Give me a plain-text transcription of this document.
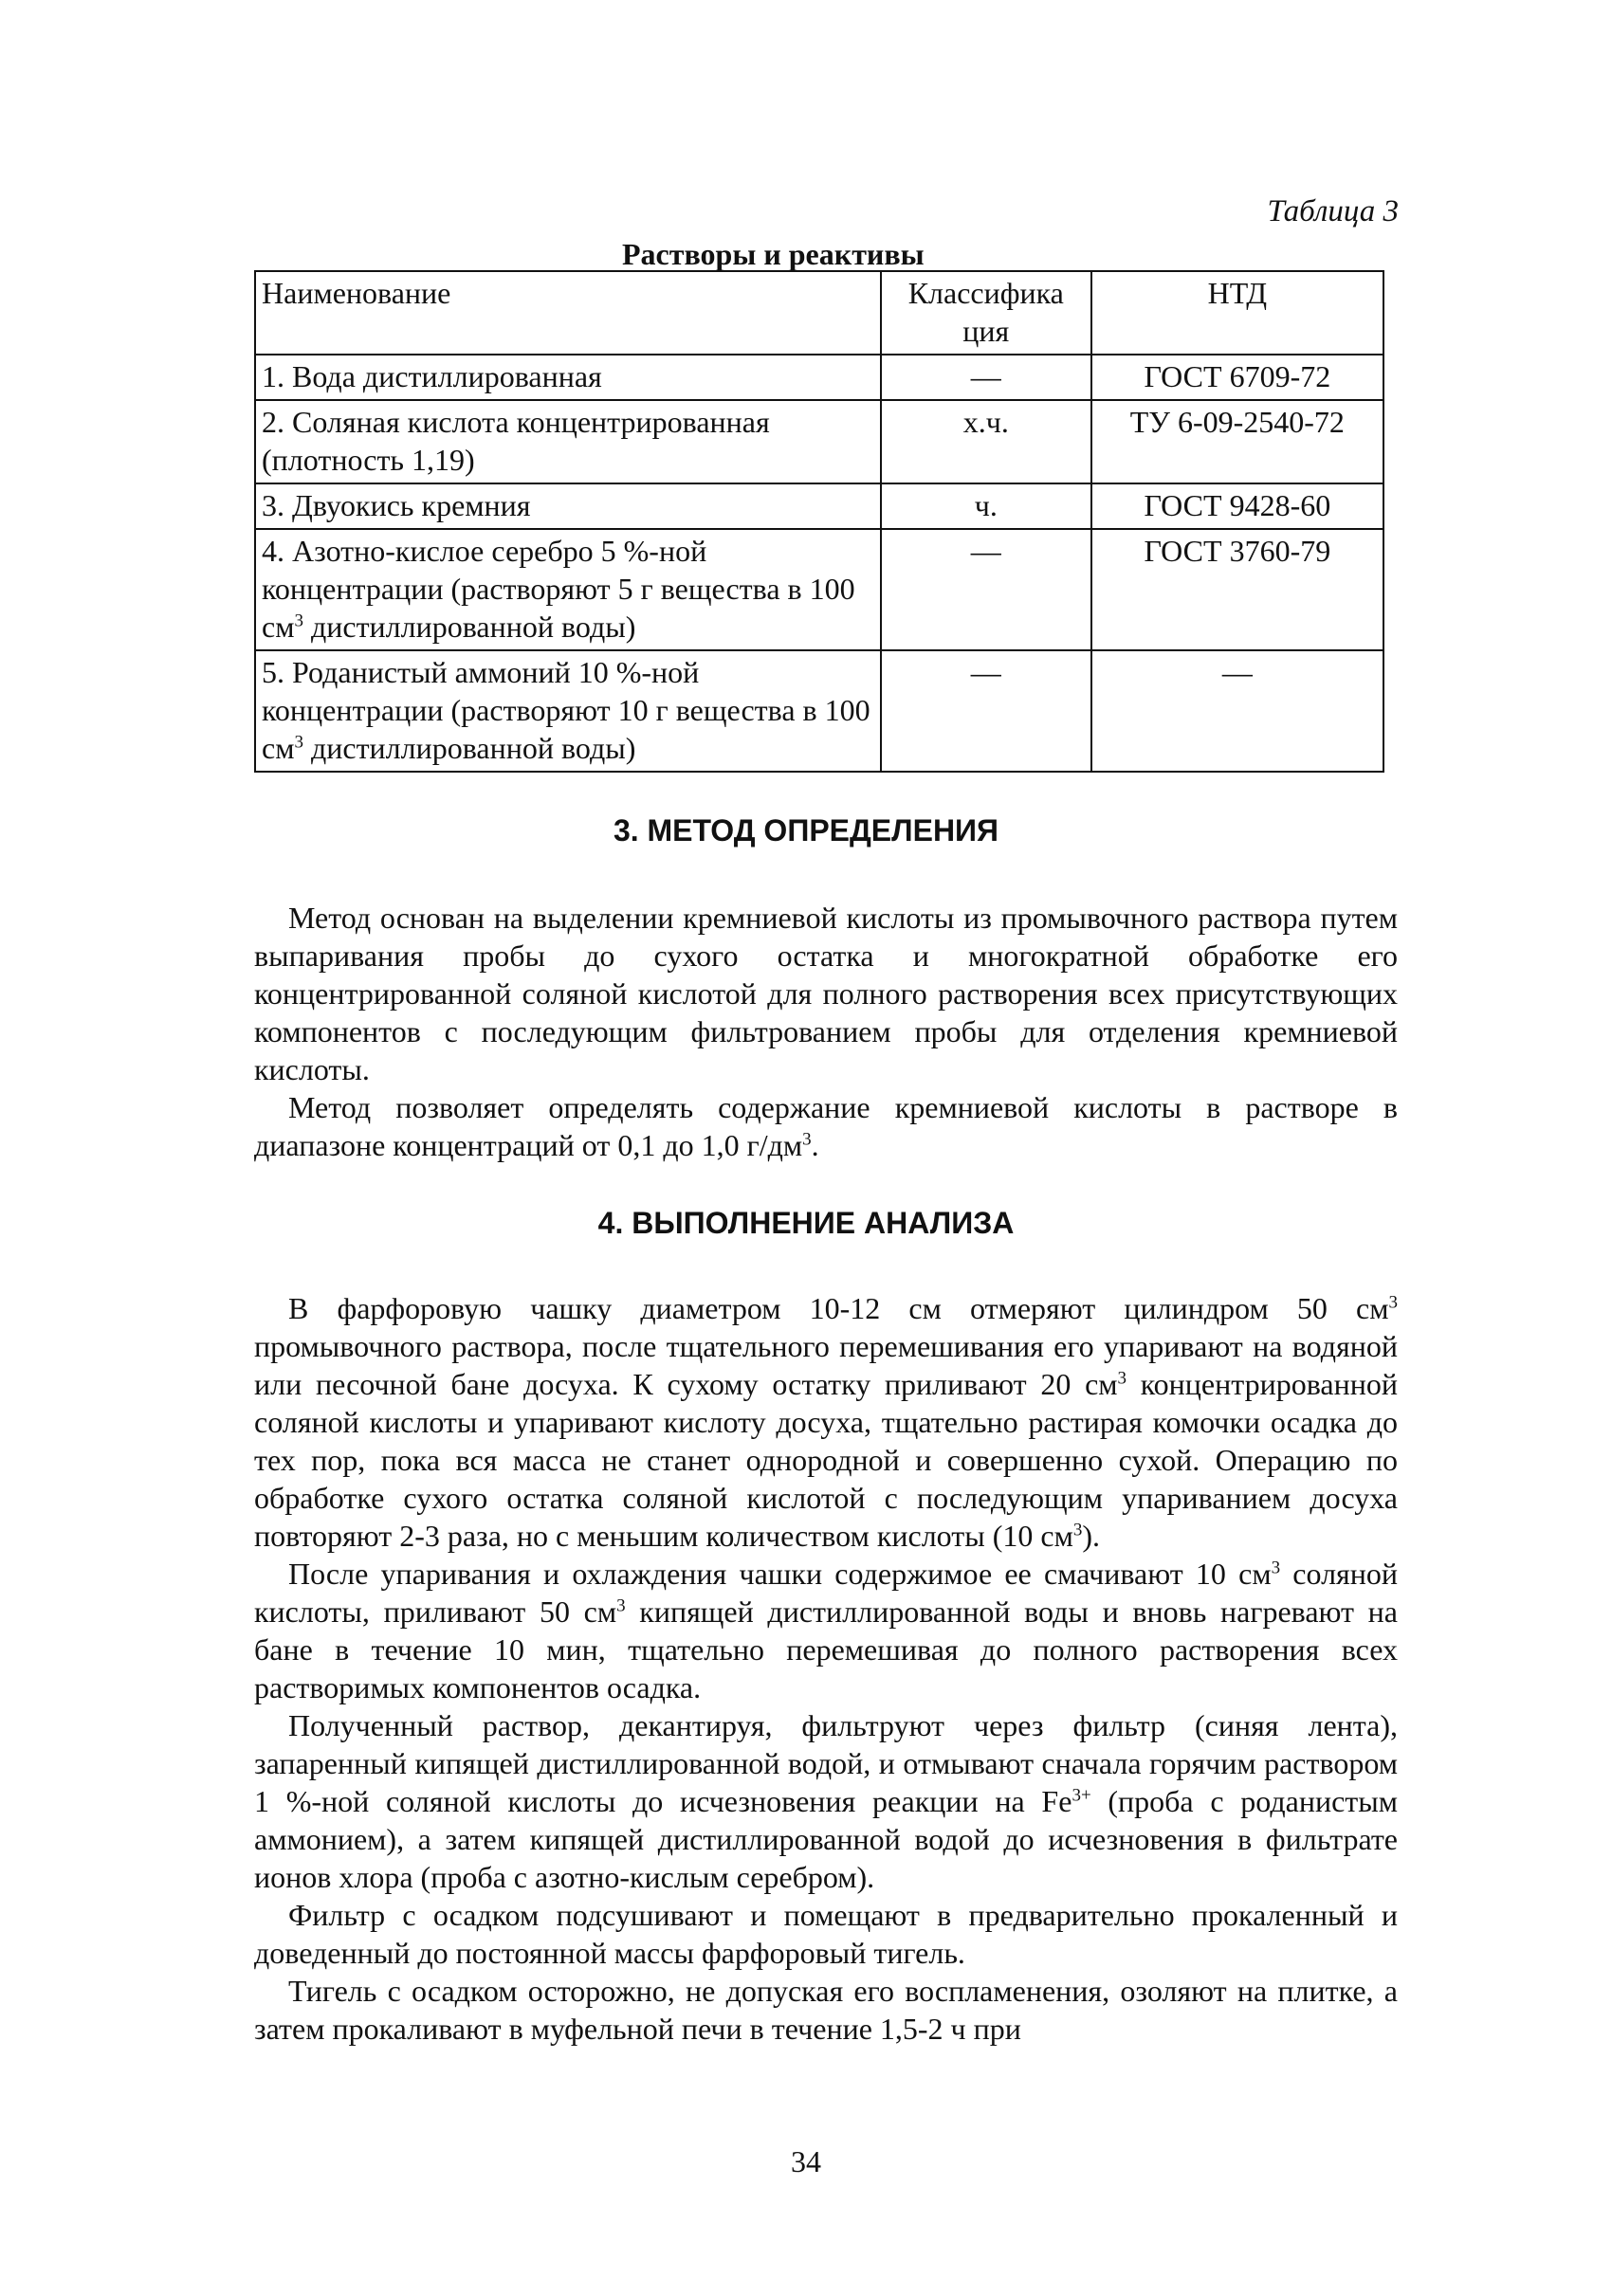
Таблица 3
Растворы и реактивы
Наименование	Классифика ция	НТД
1. Вода дистиллированная	—	ГОСТ 6709-72
2. Соляная кислота концентрированная (плотность 1,19)	х.ч.	ТУ 6-09-2540-72
3. Двуокись кремния	ч.	ГОСТ 9428-60
4. Азотно-кислое серебро 5 %-ной концентрации (растворяют 5 г вещества в 100 $см^3$ дистиллированной воды)	—	ГОСТ 3760-79
5. Роданистый аммоний 10 %-ной концентрации (растворяют 10 г вещества в 100 $см^3$ дистиллированной воды)	—	—
3. МЕТОД ОПРЕДЕЛЕНИЯ

Метод основан на выделении кремниевой кислоты из промывочного раствора путем выпаривания пробы до сухого остатка и многократной обработке его концентрированной соляной кислотой для полного растворения всех присутствующих компонентов с последующим фильтрованием пробы для отделения кремниевой кислоты.

Метод позволяет определять содержание кремниевой кислоты в растворе в диапазоне концентраций от 0,1 до 1,0 $г/дм^3$.

4. ВЫПОЛНЕНИЕ АНАЛИЗА

В фарфоровую чашку диаметром 10-12 см отмеряют цилиндром 50 $см^3$ промывочного раствора, после тщательного перемешивания его упаривают на водяной или песочной бане досуха. К сухому остатку приливают 20 $см^3$ концентрированной соляной кислоты и упаривают кислоту досуха, тщательно растирая комочки осадка до тех пор, пока вся масса не станет однородной и совершенно сухой. Операцию по обработке сухого остатка соляной кислотой с последующим упариванием досуха повторяют 2-3 раза, но с меньшим количеством кислоты (10 $см^3$).

После упаривания и охлаждения чашки содержимое ее смачивают 10 $см^3$ соляной кислоты, приливают 50 $см^3$ кипящей дистиллированной воды и вновь нагревают на бане в течение 10 мин, тщательно перемешивая до полного растворения всех растворимых компонентов осадка.

Полученный раствор, декантируя, фильтруют через фильтр (синяя лента), запаренный кипящей дистиллированной водой, и отмывают сначала горячим раствором 1 %-ной соляной кислоты до исчезновения реакции на $Fe^{3+}$ (проба с роданистым аммонием), а затем кипящей дистиллированной водой до исчезновения в фильтрате ионов хлора (проба с азотно-кислым серебром).

Фильтр с осадком подсушивают и помещают в предварительно прокаленный и доведенный до постоянной массы фарфоровый тигель.

Тигель с осадком осторожно, не допуская его воспламенения, озоляют на плитке, а затем прокаливают в муфельной печи в течение 1,5-2 ч при

34
